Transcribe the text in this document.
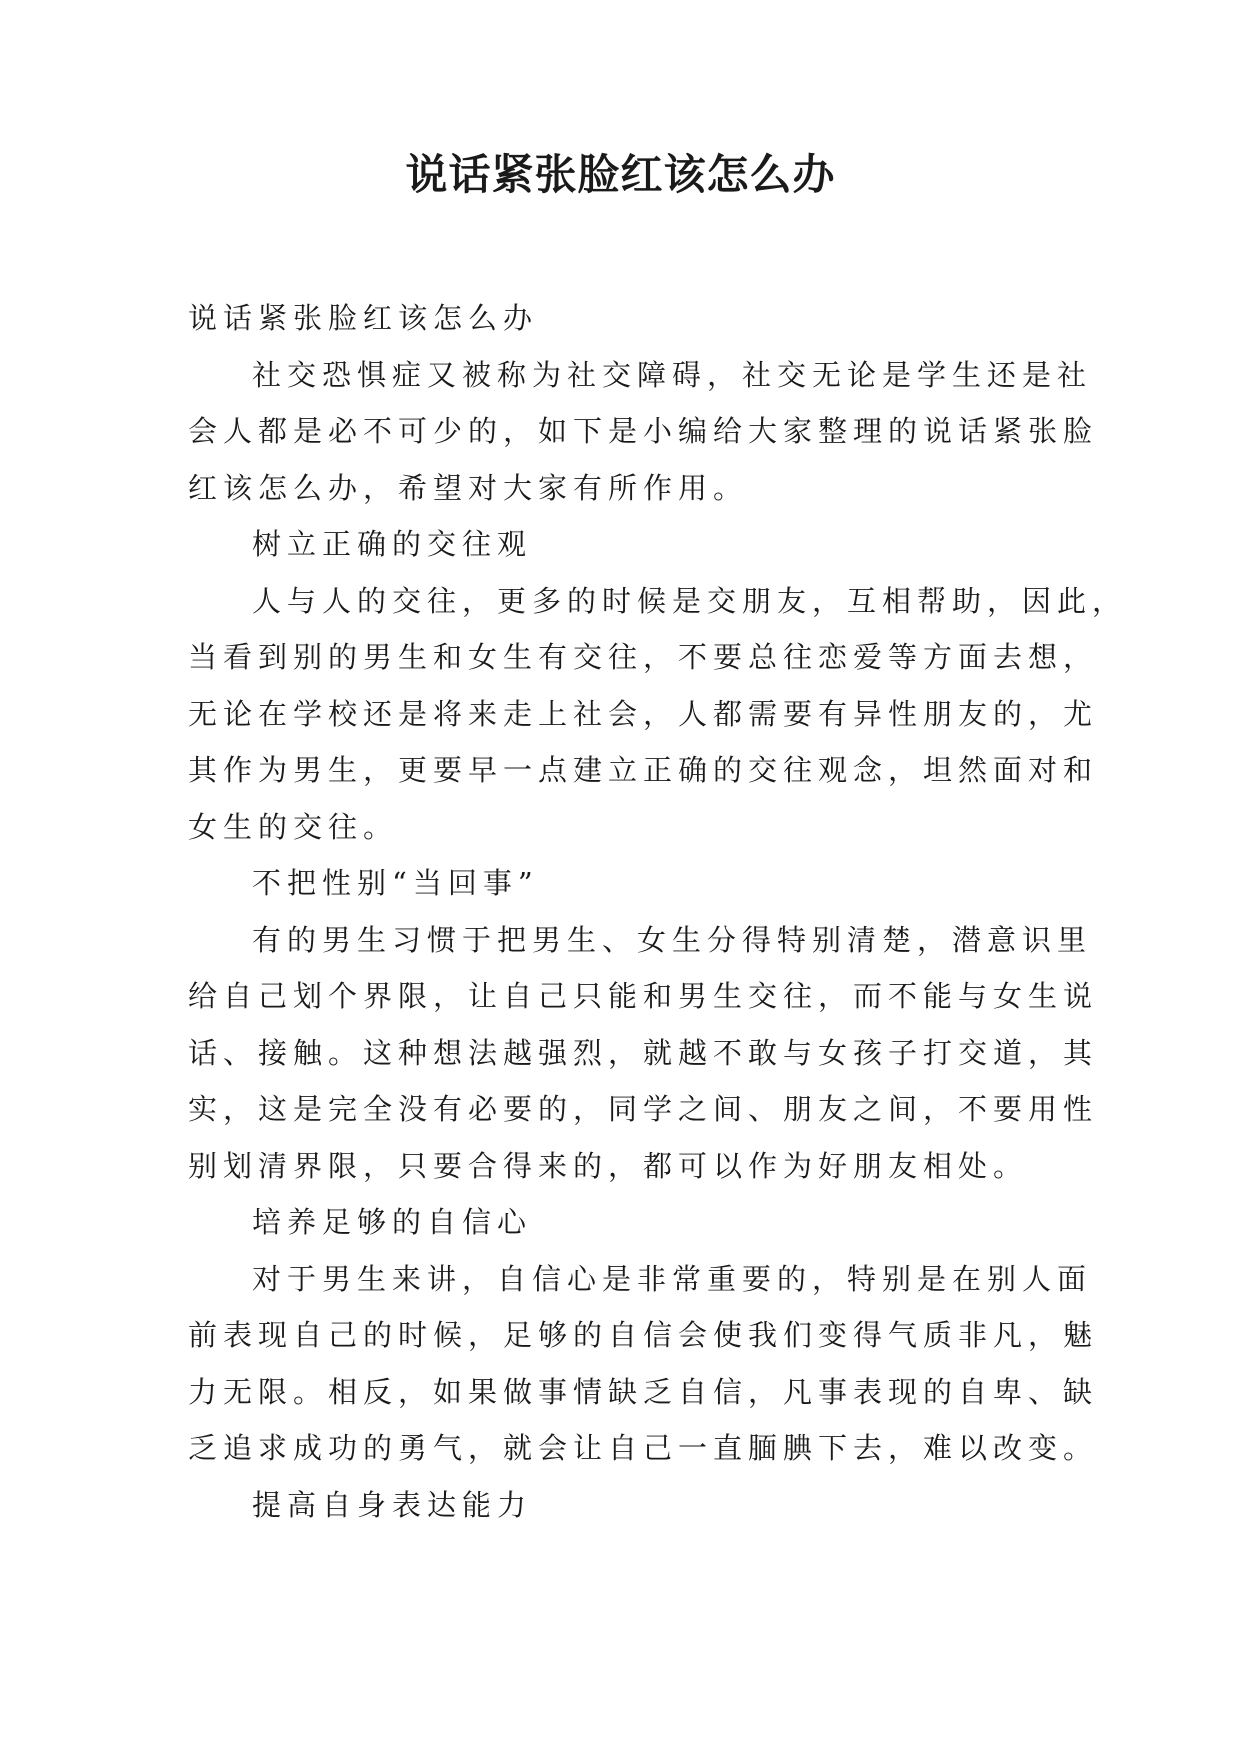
说话紧张脸红该怎么办

说话紧张脸红该怎么办

社交恐惧症又被称为社交障碍，社交无论是学生还是社

会人都是必不可少的，如下是小编给大家整理的说话紧张脸

红该怎么办，希望对大家有所作用。

树立正确的交往观

人与人的交往，更多的时候是交朋友，互相帮助，因此，

当看到别的男生和女生有交往，不要总往恋爱等方面去想，

无论在学校还是将来走上社会，人都需要有异性朋友的，尤

其作为男生，更要早一点建立正确的交往观念，坦然面对和

女生的交往。

不把性别“当回事”

有的男生习惯于把男生、女生分得特别清楚，潜意识里

给自己划个界限，让自己只能和男生交往，而不能与女生说

话、接触。这种想法越强烈，就越不敢与女孩子打交道，其

实，这是完全没有必要的，同学之间、朋友之间，不要用性

别划清界限，只要合得来的，都可以作为好朋友相处。

培养足够的自信心

对于男生来讲，自信心是非常重要的，特别是在别人面

前表现自己的时候，足够的自信会使我们变得气质非凡，魅

力无限。相反，如果做事情缺乏自信，凡事表现的自卑、缺

乏追求成功的勇气，就会让自己一直腼腆下去，难以改变。

提高自身表达能力
